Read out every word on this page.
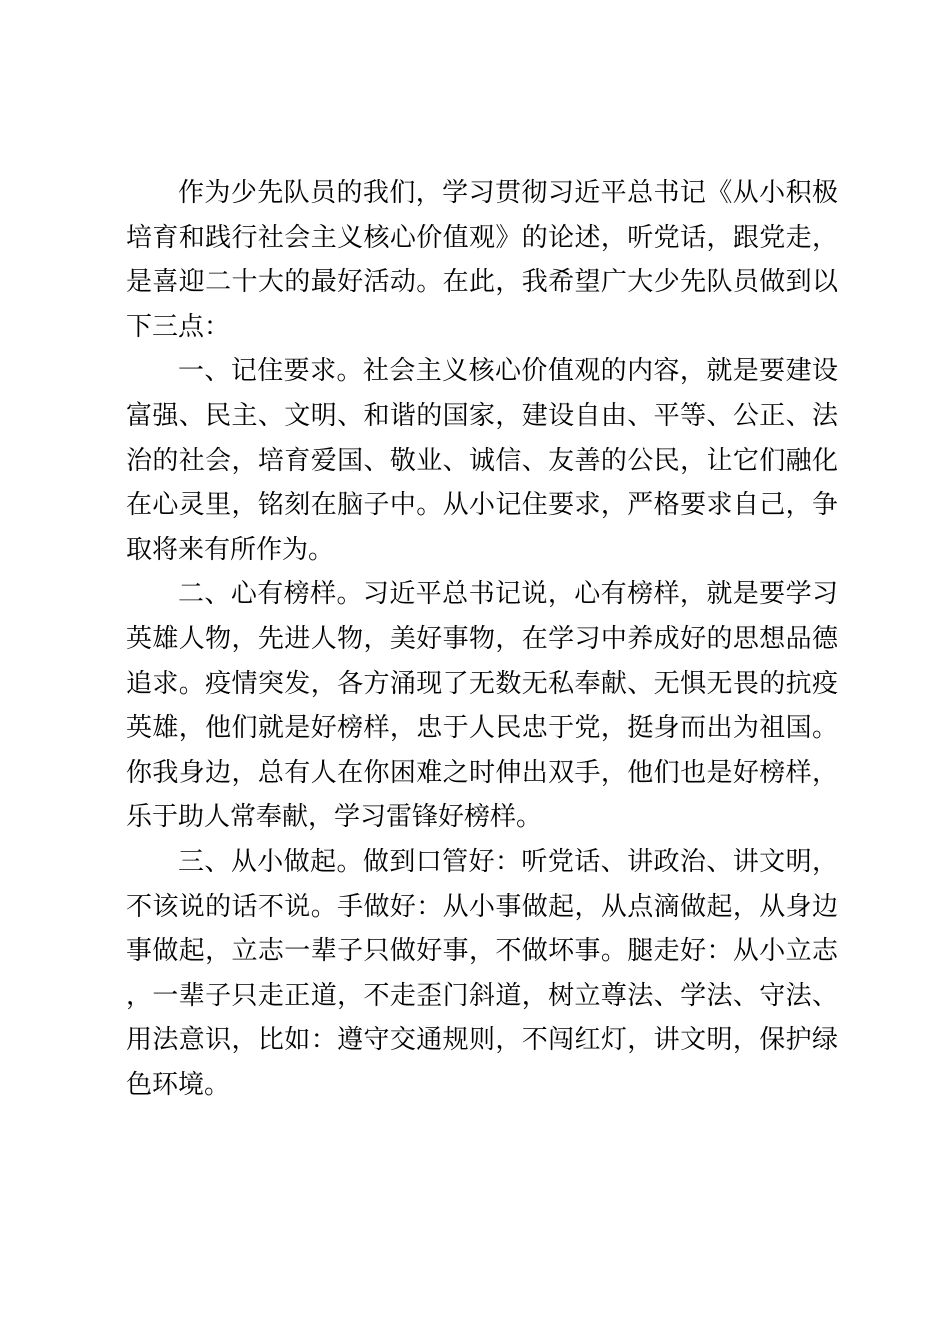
作为少先队员的我们，学习贯彻习近平总书记《从小积极培育和践行社会主义核心价值观》的论述，听党话，跟党走，是喜迎二十大的最好活动。在此，我希望广大少先队员做到以下三点：

一、记住要求。社会主义核心价值观的内容，就是要建设富强、民主、文明、和谐的国家，建设自由、平等、公正、法治的社会，培育爱国、敬业、诚信、友善的公民，让它们融化在心灵里，铭刻在脑子中。从小记住要求，严格要求自己，争取将来有所作为。

二、心有榜样。习近平总书记说，心有榜样，就是要学习英雄人物，先进人物，美好事物，在学习中养成好的思想品德追求。疫情突发，各方涌现了无数无私奉献、无惧无畏的抗疫英雄，他们就是好榜样，忠于人民忠于党，挺身而出为祖国。你我身边，总有人在你困难之时伸出双手，他们也是好榜样，乐于助人常奉献，学习雷锋好榜样。

三、从小做起。做到口管好：听党话、讲政治、讲文明，不该说的话不说。手做好：从小事做起，从点滴做起，从身边事做起，立志一辈子只做好事，不做坏事。腿走好：从小立志，一辈子只走正道，不走歪门斜道，树立尊法、学法、守法、用法意识，比如：遵守交通规则，不闯红灯，讲文明，保护绿色环境。
